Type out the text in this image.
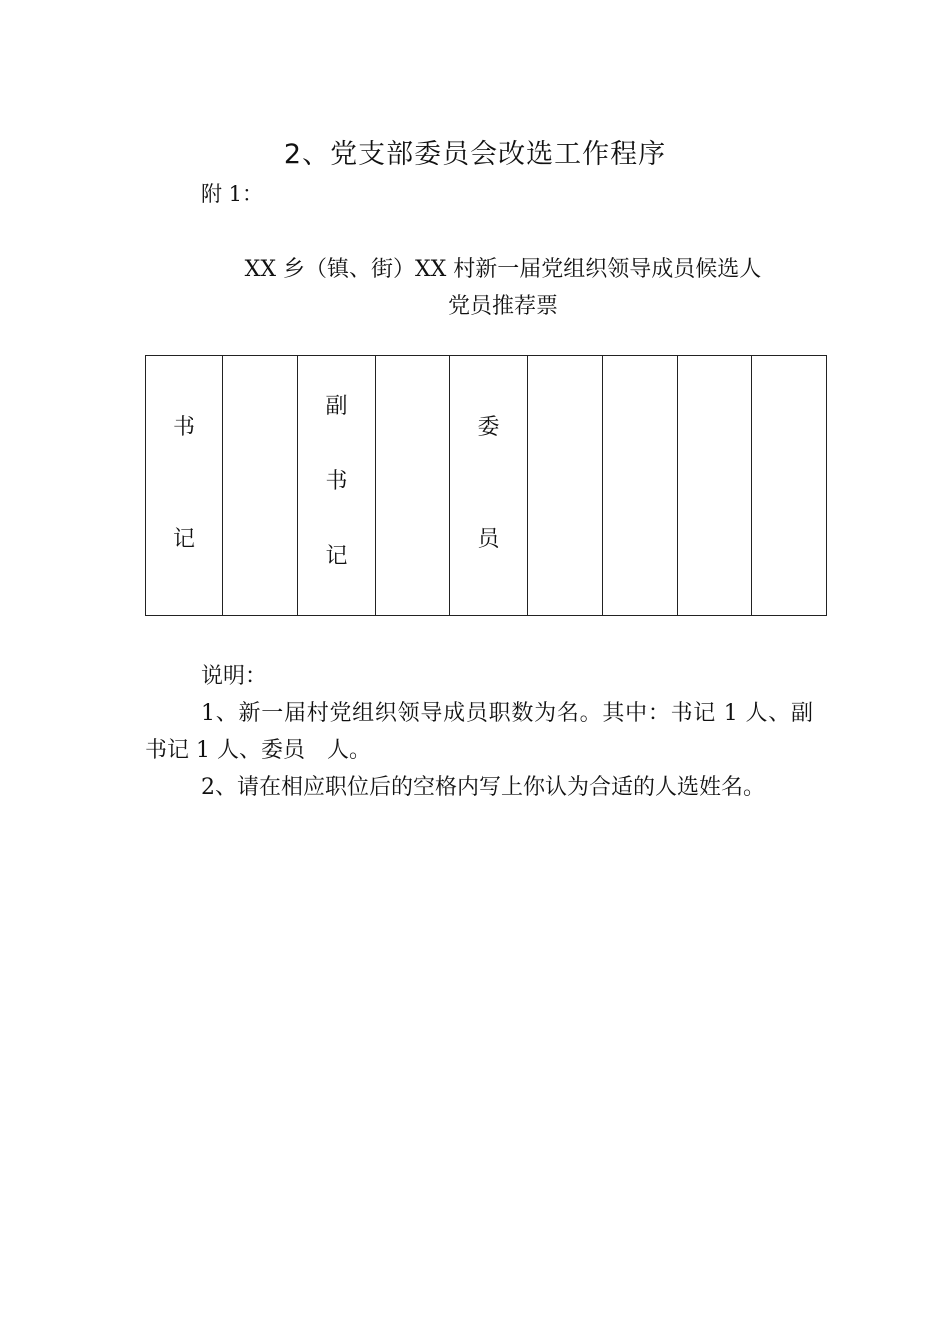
2、党支部委员会改选工作程序
附 1：
XX 乡（镇、街）XX 村新一届党组织领导成员候选人
党员推荐票
书记		副书记		委员				

说明：

1、新一届村党组织领导成员职数为名。其中：书记 1 人、副书记 1 人、委员　人。

2、请在相应职位后的空格内写上你认为合适的人选姓名。
